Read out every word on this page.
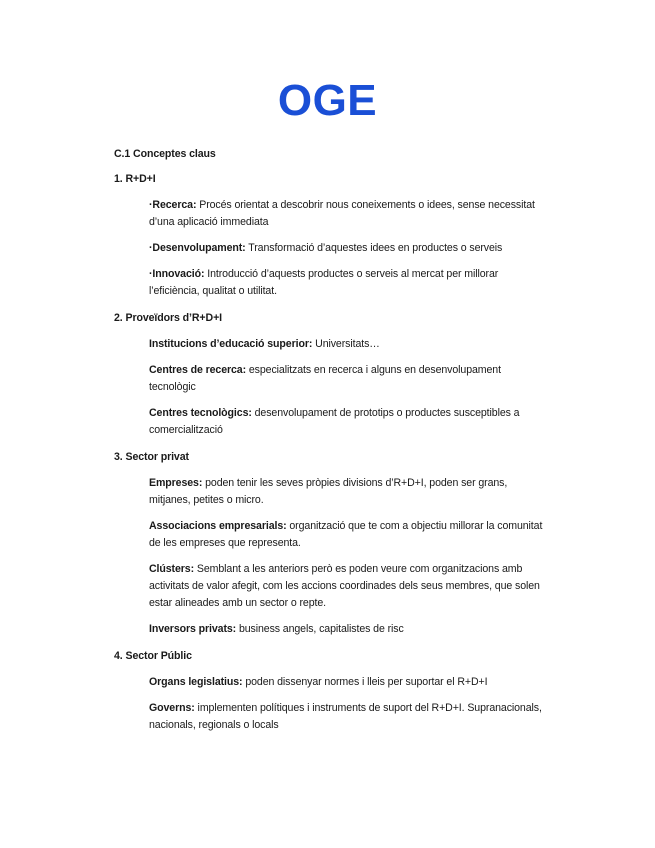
OGE

C.1 Conceptes claus

1. R+D+I

·Recerca: Procés orientat a descobrir nous coneixements o idees, sense necessitat d’una aplicació immediata

·Desenvolupament: Transformació d’aquestes idees en productes o serveis

·Innovació: Introducció d’aquests productes o serveis al mercat per millorar l’eficiència, qualitat o utilitat.

2. Proveïdors d’R+D+I

Institucions d’educació superior: Universitats…

Centres de recerca: especialitzats en recerca i alguns en desenvolupament tecnològic

Centres tecnològics: desenvolupament de prototips o productes susceptibles a comercialització

3. Sector privat

Empreses: poden tenir les seves pròpies divisions d’R+D+I, poden ser grans, mitjanes, petites o micro.

Associacions empresarials: organització que te com a objectiu millorar la comunitat de les empreses que representa.

Clústers: Semblant a les anteriors però es poden veure com organitzacions amb activitats de valor afegit, com les accions coordinades dels seus membres, que solen estar alineades amb un sector o repte.

Inversors privats: business angels, capitalistes de risc

4. Sector Públic

Organs legislatius: poden dissenyar normes i lleis per suportar el R+D+I

Governs: implementen polítiques i instruments de suport del R+D+I. Supranacionals, nacionals, regionals o locals
